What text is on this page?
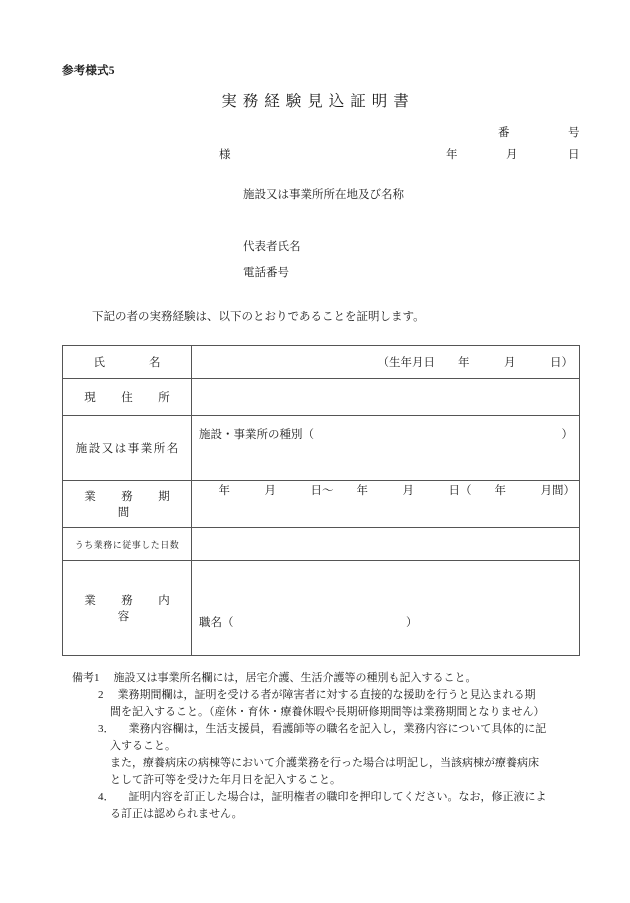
参考様式5
実務経験見込証明書
番	号
様	年	月	日
施設又は事業所所在地及び名称
代表者氏名
電話番号
下記の者の実務経験は、以下のとおりであることを証明します。
氏　　名	（生年月日　　年　　　月　　　日）

現　住　所	

施設又は事業所名	施設・事業所の種別（ ）

業　務　期　間	年　　　月　　　日〜　　年　　　月　　　日（　　年　　　月間）

うち業務に従事した日数	

業　務　内　容	職名（　　　　　　　　　　　　　　　）
備考1 施設又は事業所名欄には，居宅介護、生活介護等の種別も記入すること。
2 業務期間欄は，証明を受ける者が障害者に対する直接的な援助を行うと見込まれる期
間を記入すること。（産休・育休・療養休暇や長期研修期間等は業務期間となりません）
3． 業務内容欄は，生活支援員，看護師等の職名を記入し，業務内容について具体的に記
入すること。
また，療養病床の病棟等において介護業務を行った場合は明記し，当該病棟が療養病床
として許可等を受けた年月日を記入すること。
4． 証明内容を訂正した場合は，証明権者の職印を押印してください。なお，修正液によ
る訂正は認められません。
